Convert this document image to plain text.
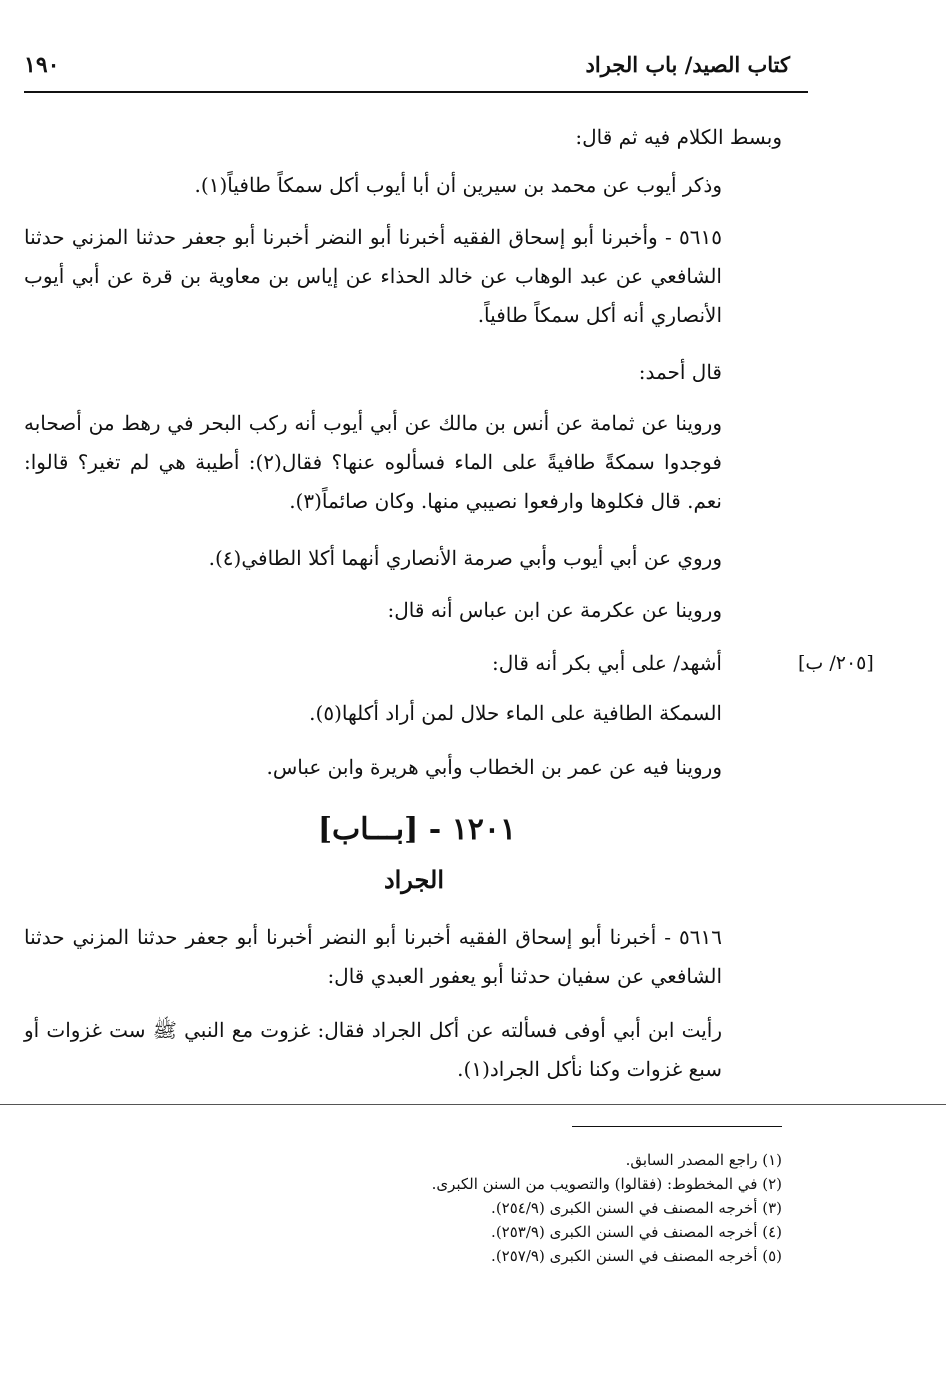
كتاب الصيد/ باب الجراد
١٩٠
وبسط الكلام فيه ثم قال:
وذكر أيوب عن محمد بن سيرين أن أبا أيوب أكل سمكاً طافياً(١).
٥٦١٥ - وأخبرنا أبو إسحاق الفقيه أخبرنا أبو النضر أخبرنا أبو جعفر حدثنا المزني حدثنا الشافعي عن عبد الوهاب عن خالد الحذاء عن إياس بن معاوية بن قرة عن أبي أيوب الأنصاري أنه أكل سمكاً طافياً.
قال أحمد:
وروينا عن ثمامة عن أنس بن مالك عن أبي أيوب أنه ركب البحر في رهط من أصحابه فوجدوا سمكةً طافيةً على الماء فسألوه عنها؟ فقال(٢): أطيبة هي لم تغير؟ قالوا: نعم. قال فكلوها وارفعوا نصيبي منها. وكان صائماً(٣).
وروي عن أبي أيوب وأبي صرمة الأنصاري أنهما أكلا الطافي(٤).
وروينا عن عكرمة عن ابن عباس أنه قال:
أشهد/ على أبي بكر أنه قال:
السمكة الطافية على الماء حلال لمن أراد أكلها(٥).
وروينا فيه عن عمر بن الخطاب وأبي هريرة وابن عباس.
[٢٠٥/ ب]
١٢٠١ - [بـــاب]
الجراد
٥٦١٦ - أخبرنا أبو إسحاق الفقيه أخبرنا أبو النضر أخبرنا أبو جعفر حدثنا المزني حدثنا الشافعي عن سفيان حدثنا أبو يعفور العبدي قال:
رأيت ابن أبي أوفى فسألته عن أكل الجراد فقال: غزوت مع النبي ﷺ ست غزوات أو سبع غزوات وكنا نأكل الجراد(١).
(١) راجع المصدر السابق.
(٢) في المخطوط: (فقالوا) والتصويب من السنن الكبرى.
(٣) أخرجه المصنف في السنن الكبرى (٢٥٤/٩).
(٤) أخرجه المصنف في السنن الكبرى (٢٥٣/٩).
(٥) أخرجه المصنف في السنن الكبرى (٢٥٧/٩).
